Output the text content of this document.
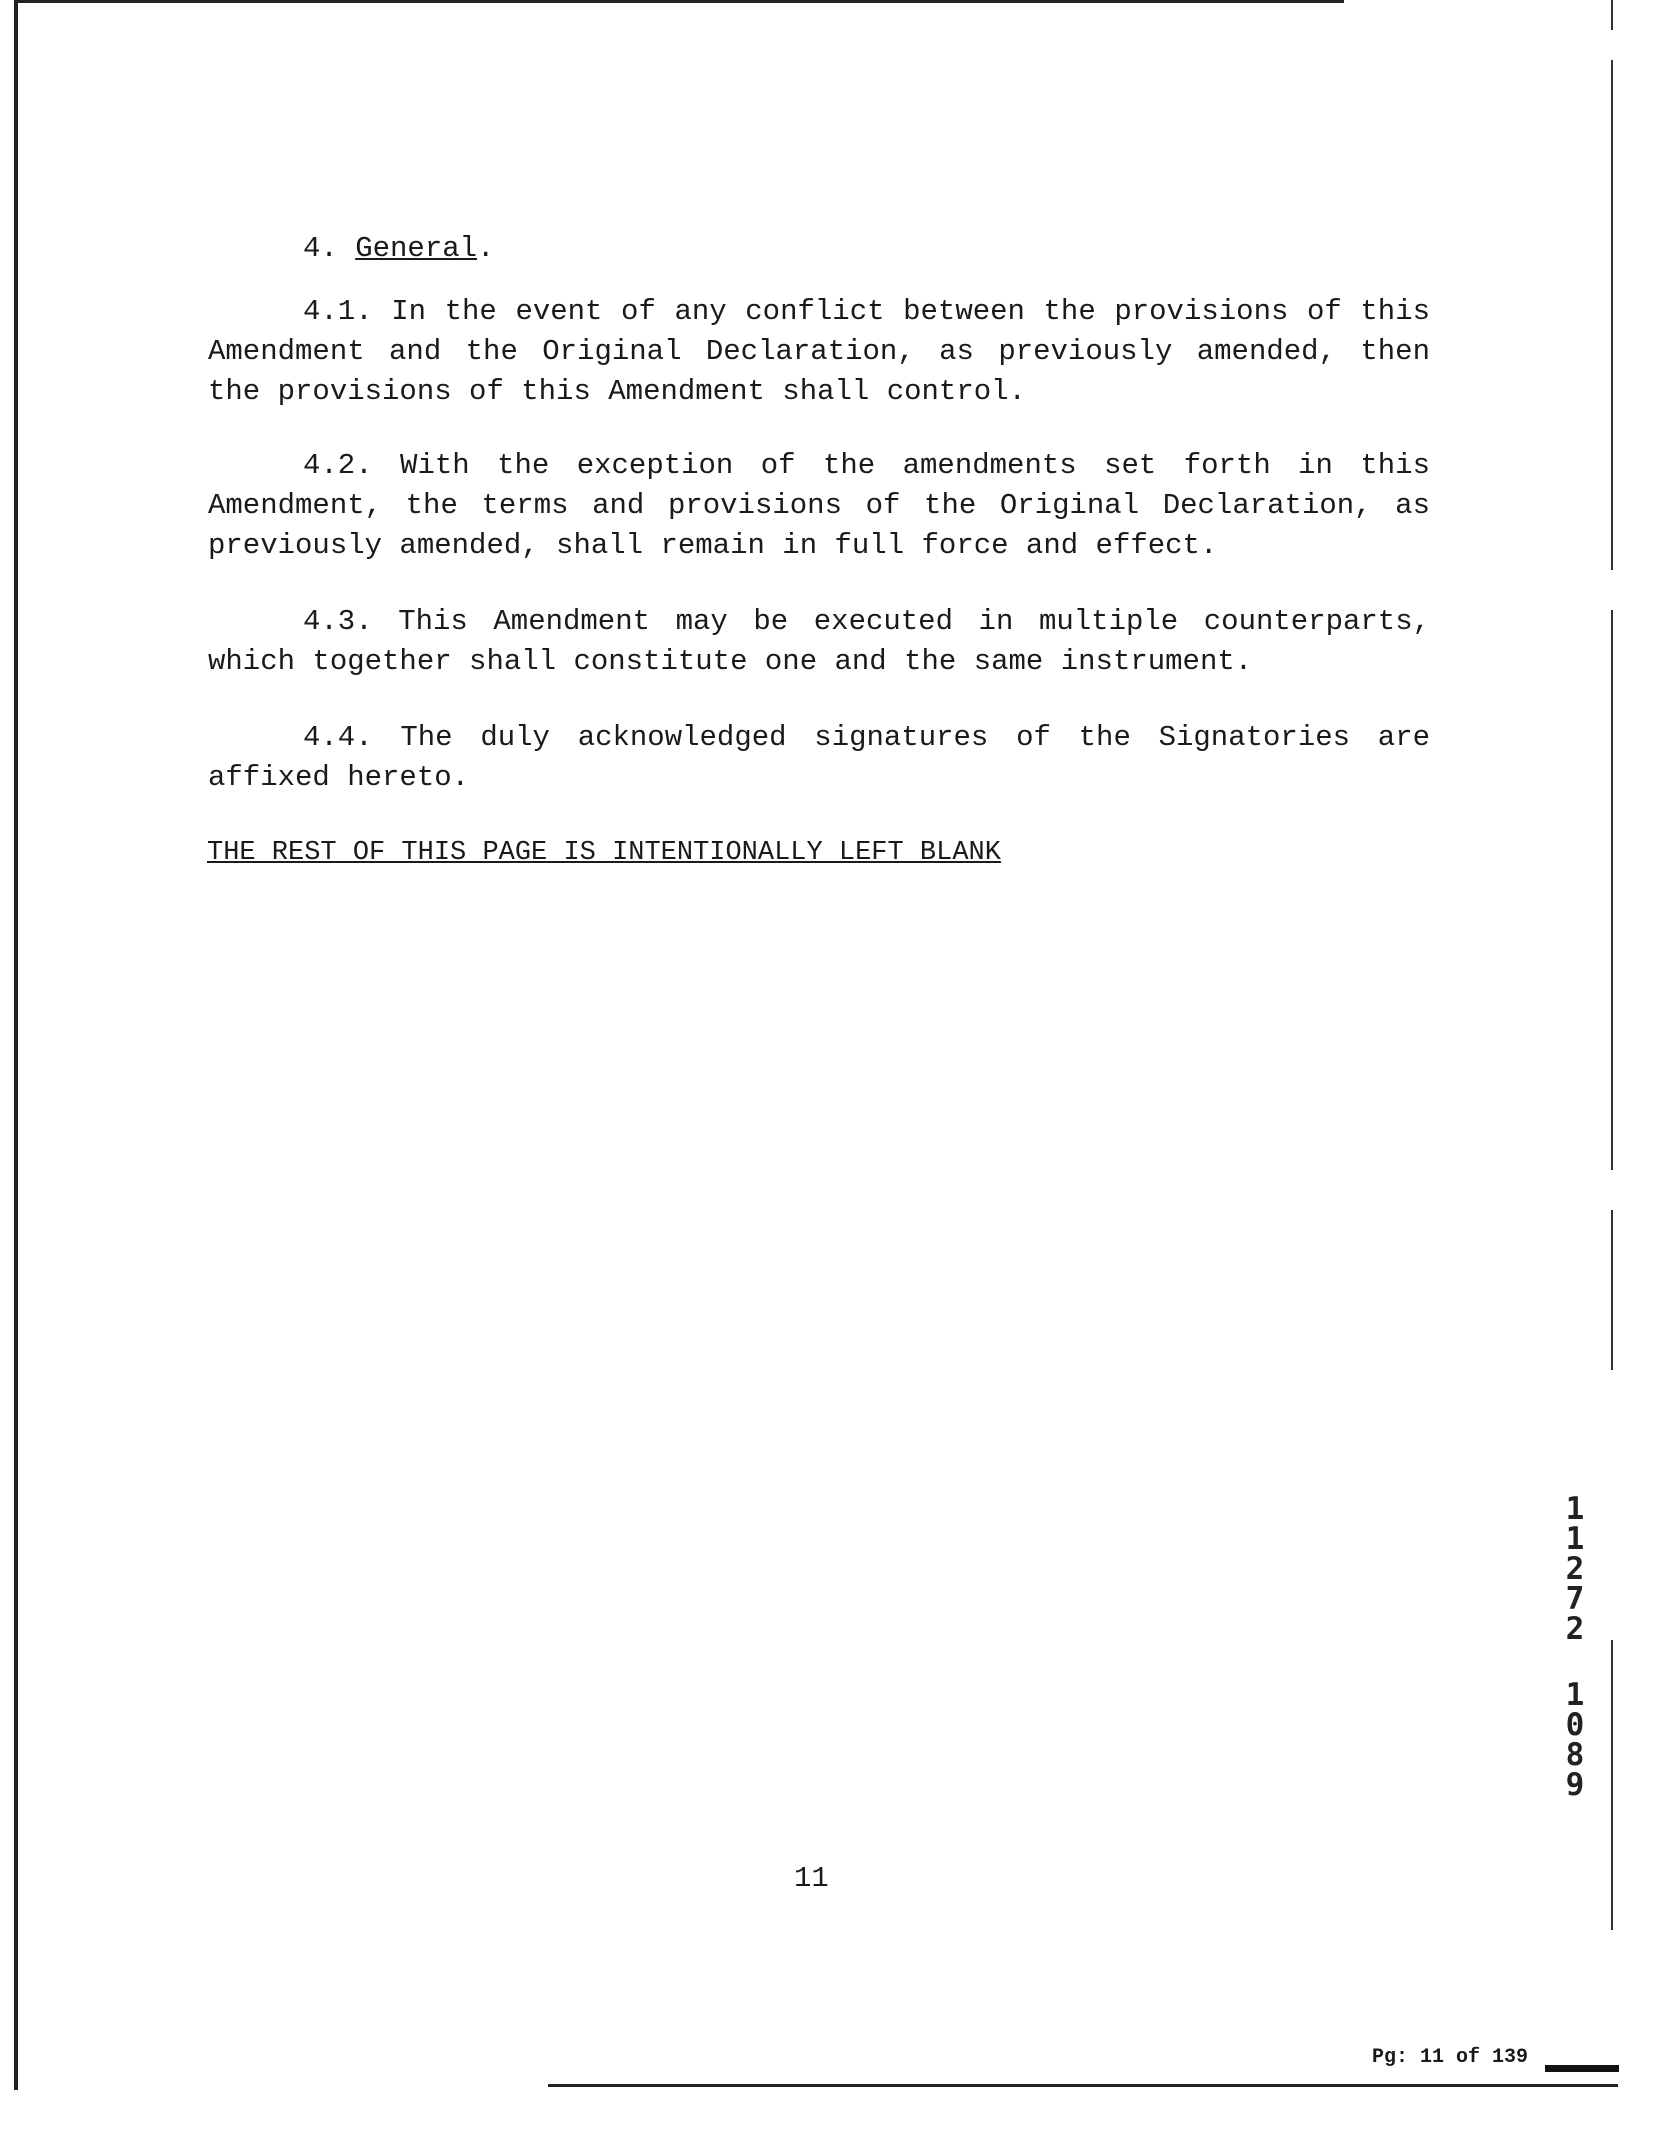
4. General.

4.1. In the event of any conflict between the provisions of this Amendment and the Original Declaration, as previously amended, then the provisions of this Amendment shall control.

4.2. With the exception of the amendments set forth in this Amendment, the terms and provisions of the Original Declaration, as previously amended, shall remain in full force and effect.

4.3. This Amendment may be executed in multiple counterparts, which together shall constitute one and the same instrument.

4.4. The duly acknowledged signatures of the Signatories are affixed hereto.

THE REST OF THIS PAGE IS INTENTIONALLY LEFT BLANK
1
1
2
7
2
1
0
8
9
11
Pg: 11 of 139
